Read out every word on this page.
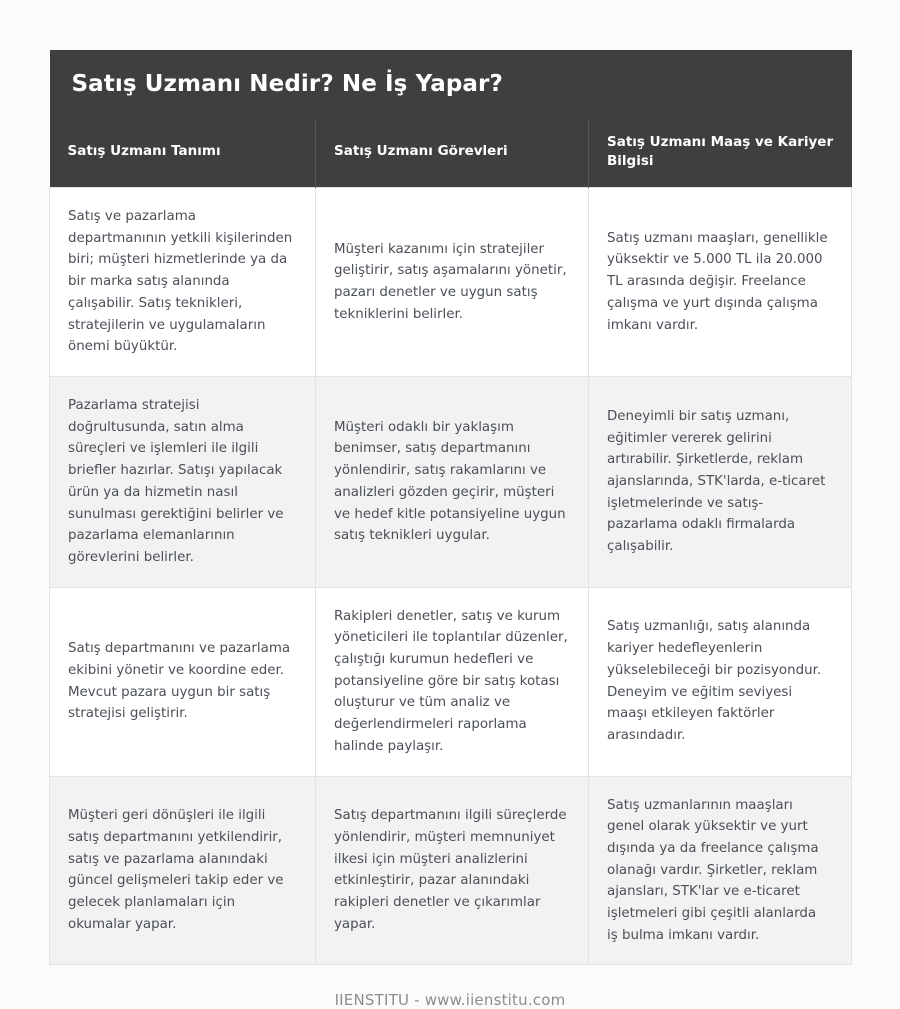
Satış Uzmanı Nedir? Ne İş Yapar?		

Satış Uzmanı Tanımı	Satış Uzmanı Görevleri	Satış Uzmanı Maaş ve Kariyer Bilgisi
Satış ve pazarlama departmanının yetkili kişilerinden biri; müşteri hizmetlerinde ya da bir marka satış alanında çalışabilir. Satış teknikleri, stratejilerin ve uygulamaların önemi büyüktür.	Müşteri kazanımı için stratejiler geliştirir, satış aşamalarını yönetir, pazarı denetler ve uygun satış tekniklerini belirler.	Satış uzmanı maaşları, genellikle yüksektir ve 5.000 TL ila 20.000 TL arasında değişir. Freelance çalışma ve yurt dışında çalışma imkanı vardır.
Pazarlama stratejisi doğrultusunda, satın alma süreçleri ve işlemleri ile ilgili briefler hazırlar. Satışı yapılacak ürün ya da hizmetin nasıl sunulması gerektiğini belirler ve pazarlama elemanlarının görevlerini belirler.	Müşteri odaklı bir yaklaşım benimser, satış departmanını yönlendirir, satış rakamlarını ve analizleri gözden geçirir, müşteri ve hedef kitle potansiyeline uygun satış teknikleri uygular.	Deneyimli bir satış uzmanı, eğitimler vererek gelirini artırabilir. Şirketlerde, reklam ajanslarında, STK'larda, e-ticaret işletmelerinde ve satış-pazarlama odaklı firmalarda çalışabilir.
Satış departmanını ve pazarlama ekibini yönetir ve koordine eder. Mevcut pazara uygun bir satış stratejisi geliştirir.	Rakipleri denetler, satış ve kurum yöneticileri ile toplantılar düzenler, çalıştığı kurumun hedefleri ve potansiyeline göre bir satış kotası oluşturur ve tüm analiz ve değerlendirmeleri raporlama halinde paylaşır.	Satış uzmanlığı, satış alanında kariyer hedefleyenlerin yükselebileceği bir pozisyondur. Deneyim ve eğitim seviyesi maaşı etkileyen faktörler arasındadır.
Müşteri geri dönüşleri ile ilgili satış departmanını yetkilendirir, satış ve pazarlama alanındaki güncel gelişmeleri takip eder ve gelecek planlamaları için okumalar yapar.	Satış departmanını ilgili süreçlerde yönlendirir, müşteri memnuniyet ilkesi için müşteri analizlerini etkinleştirir, pazar alanındaki rakipleri denetler ve çıkarımlar yapar.	Satış uzmanlarının maaşları genel olarak yüksektir ve yurt dışında ya da freelance çalışma olanağı vardır. Şirketler, reklam ajansları, STK'lar ve e-ticaret işletmeleri gibi çeşitli alanlarda iş bulma imkanı vardır.
IIENSTITU - www.iienstitu.com
